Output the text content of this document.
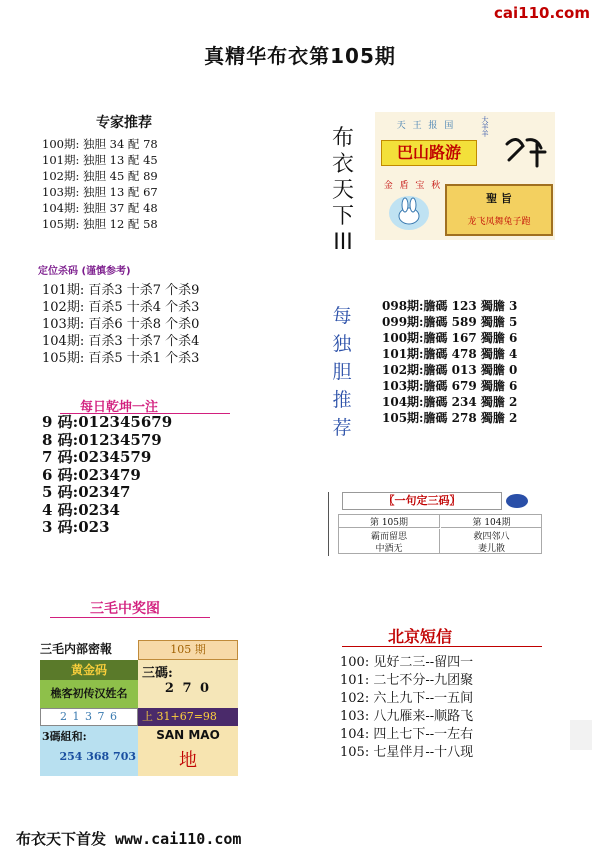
cai110.com
真精华布衣第105期
专家推荐
100期: 独胆 34 配 78
101期: 独胆 13 配 45
102期: 独胆 45 配 89
103期: 独胆 13 配 67
104期: 独胆 37 配 48
105期: 独胆 12 配 58
定位杀码 (谨慎参考)
101期: 百杀3 十杀7 个杀9
102期: 百杀5 十杀4 个杀3
103期: 百杀6 十杀8 个杀0
104期: 百杀3 十杀7 个杀4
105期: 百杀5 十杀1 个杀3
每日乾坤一注
9 码:012345679
8 码:01234579
7 码:0234579
6 码:023479
5 码:02347
4 码:0234
3 码:023
三毛中奖图
三毛内部密報
黄金码
105 期
三碼:
2 7 0
樵客初传汉姓名
2 1 3 7 6	上 31+67=98
3碼組和:
254 368 703
SAN MAO
地
布
衣
天
下
III
天 王 报 国
巴山路游
大羊羊
金 盾 宝 秋
聖 旨
龙飞凤舞兔子跑
每
独
胆
推
荐
098期:膽碼 123 獨膽 3
099期:膽碼 589 獨膽 5
100期:膽碼 167 獨膽 6
101期:膽碼 478 獨膽 4
102期:膽碼 013 獨膽 0
103期:膽碼 679 獨膽 6
104期:膽碼 234 獨膽 2
105期:膽碼 278 獨膽 2
〖一句定三码〗
第 105期	第 104期
霸而留思	救四邻八
中酒无	妻儿散
北京短信
100: 见好二三--留四一
101: 二七不分--九团聚
102: 六上九下--一五间
103: 八九雁来--顺路飞
104: 四上七下--一左右
105: 七星伴月--十八现
布衣天下首发 www.cai110.com
